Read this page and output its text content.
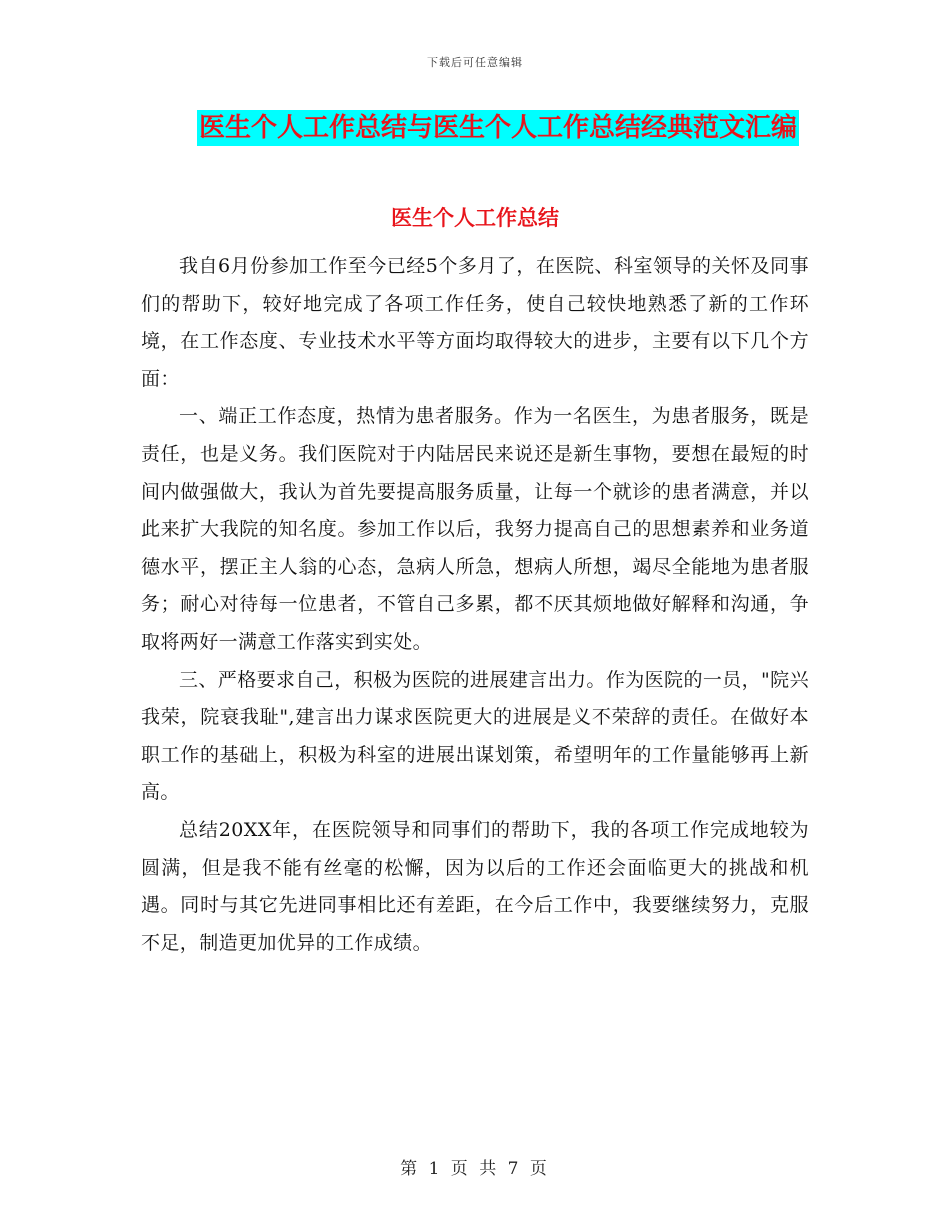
下载后可任意编辑
医生个人工作总结与医生个人工作总结经典范文汇编
医生个人工作总结

我自6月份参加工作至今已经5个多月了，在医院、科室领导的关怀及同事们的帮助下，较好地完成了各项工作任务，使自己较快地熟悉了新的工作环境，在工作态度、专业技术水平等方面均取得较大的进步，主要有以下几个方面：

一、端正工作态度，热情为患者服务。作为一名医生，为患者服务，既是责任，也是义务。我们医院对于内陆居民来说还是新生事物，要想在最短的时间内做强做大，我认为首先要提高服务质量，让每一个就诊的患者满意，并以此来扩大我院的知名度。参加工作以后，我努力提高自己的思想素养和业务道德水平，摆正主人翁的心态，急病人所急，想病人所想，竭尽全能地为患者服务；耐心对待每一位患者，不管自己多累，都不厌其烦地做好解释和沟通，争取将两好一满意工作落实到实处。

三、严格要求自己，积极为医院的进展建言出力。作为医院的一员，"院兴我荣，院衰我耻",建言出力谋求医院更大的进展是义不荣辞的责任。在做好本职工作的基础上，积极为科室的进展出谋划策，希望明年的工作量能够再上新高。

总结20XX年，在医院领导和同事们的帮助下，我的各项工作完成地较为圆满，但是我不能有丝毫的松懈，因为以后的工作还会面临更大的挑战和机遇。同时与其它先进同事相比还有差距，在今后工作中，我要继续努力，克服不足，制造更加优异的工作成绩。

第 1 页 共 7 页
